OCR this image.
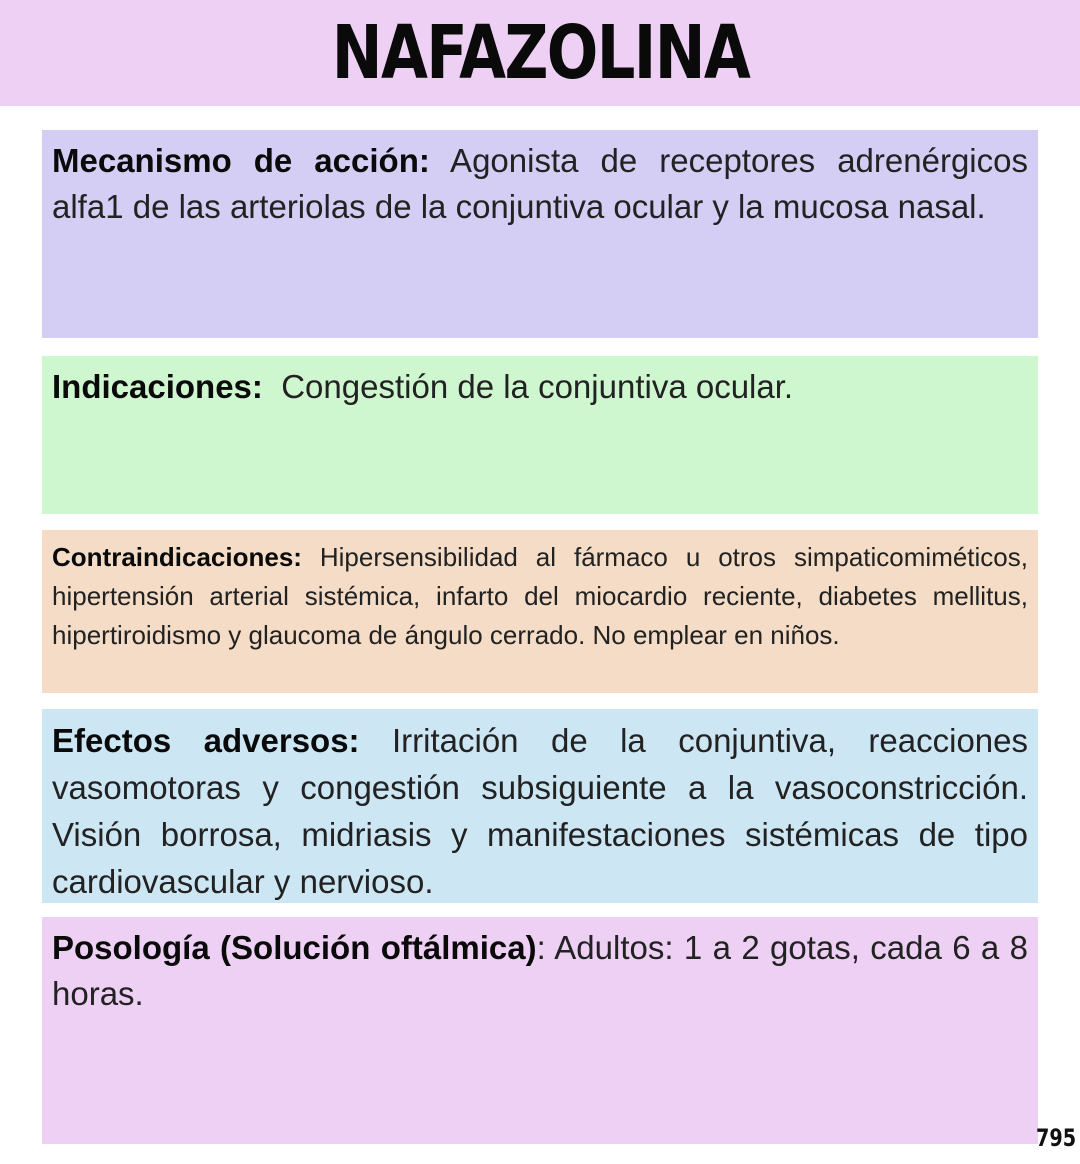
NAFAZOLINA

Mecanismo de acción: Agonista de receptores adrenérgicos alfa1 de las arteriolas de la conjuntiva ocular y la mucosa nasal.

Indicaciones:  Congestión de la conjuntiva ocular.

Contraindicaciones: Hipersensibilidad al fármaco u otros simpaticomiméticos, hipertensión arterial sistémica, infarto del miocardio reciente, diabetes mellitus, hipertiroidismo y glaucoma de ángulo cerrado. No emplear en niños.

Efectos adversos: Irritación de la conjuntiva, reacciones vasomotoras y congestión subsiguiente a la vasoconstricción. Visión borrosa, midriasis y manifestaciones sistémicas de tipo cardiovascular y nervioso.

Posología (Solución oftálmica): Adultos: 1 a 2 gotas, cada 6 a 8 horas.

795
